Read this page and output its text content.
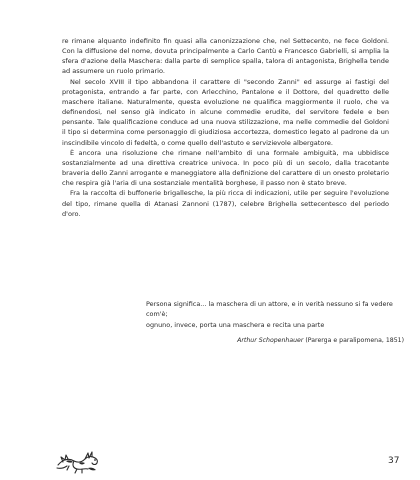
re rimane alquanto indefinito fin quasi alla canonizzazione che, nel Settecento, ne fece Goldoni. Con la diffusione del nome, dovuta principalmente a Carlo Cantù e Francesco Gabrielli, si amplia la sfera d'azione della Maschera: dalla parte di semplice spalla, talora di antagonista, Brighella tende ad assumere un ruolo primario.

Nel secolo XVIII il tipo abbandona il carattere di "secondo Zanni" ed assurge ai fastigi del protagonista, entrando a far parte, con Arlecchino, Pantalone e il Dottore, del quadretto delle maschere italiane. Naturalmente, questa evoluzione ne qualifica maggiormente il ruolo, che va definendosi, nel senso già indicato in alcune commedie erudite, del servitore fedele e ben pensante. Tale qualificazione conduce ad una nuova stilizzazione, ma nelle commedie del Goldoni il tipo si determina come personaggio di giudiziosa accortezza, domestico legato al padrone da un inscindibile vincolo di fedeltà, o come quello dell'astuto e servizievole albergatore.

È ancora una risoluzione che rimane nell'ambito di una formale ambiguità, ma ubbidisce sostanzialmente ad una direttiva creatrice univoca. In poco più di un secolo, dalla tracotante braveria dello Zanni arrogante e maneggiatore alla definizione del carattere di un onesto proletario che respira già l'aria di una sostanziale mentalità borghese, il passo non è stato breve.

Fra la raccolta di buffonerie brigallesche, la più ricca di indicazioni, utile per seguire l'evoluzione del tipo, rimane quella di Atanasi Zannoni (1787), celebre Brighella settecentesco del periodo d'oro.

Persona significa... la maschera di un attore, e in verità nessuno si fa vedere com'è;

ognuno, invece, porta una maschera e recita una parte

Arthur Schopenhauer (Parerga e paralipomena, 1851)
37
